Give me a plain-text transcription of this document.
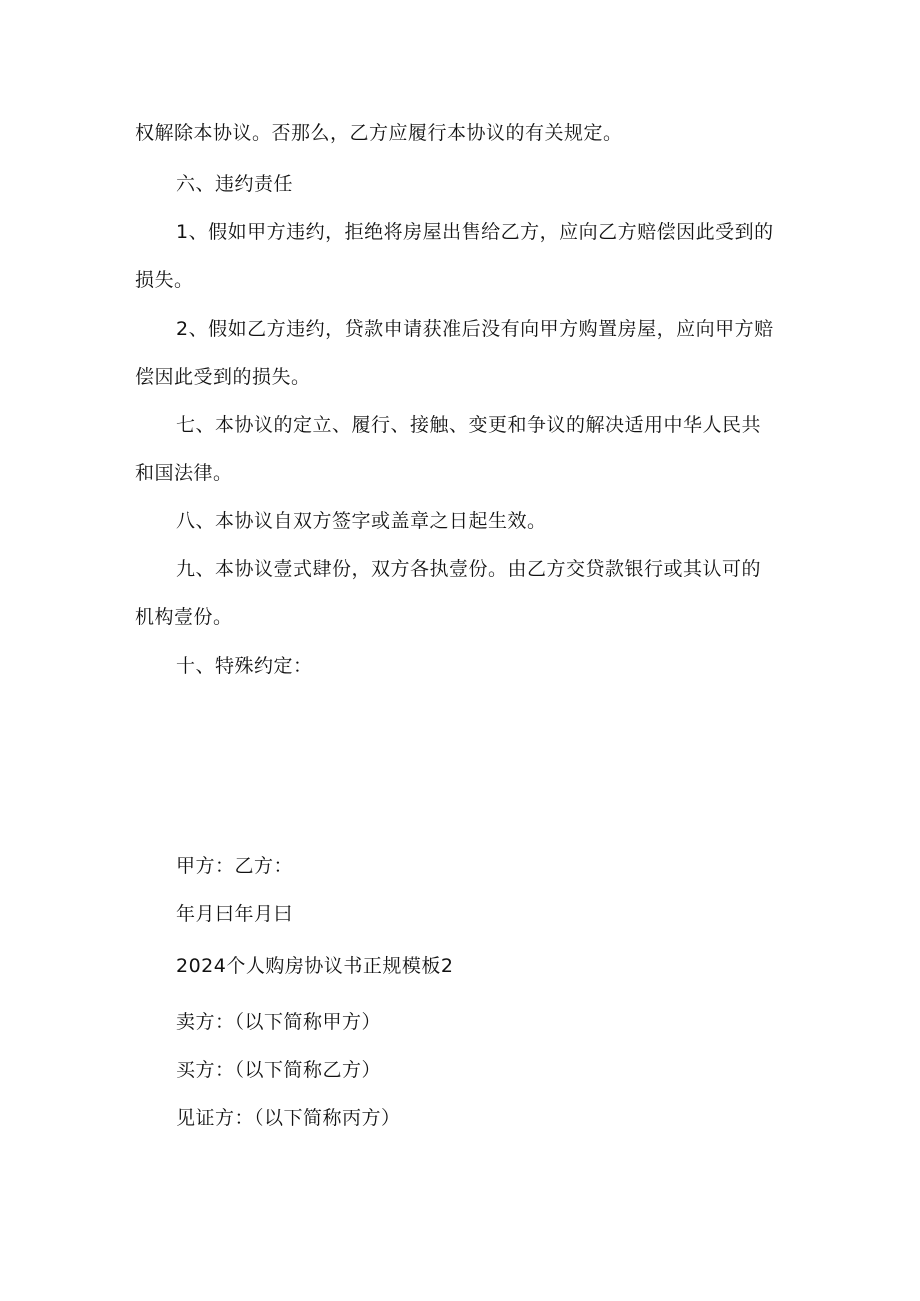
权解除本协议。否那么，乙方应履行本协议的有关规定。
六、违约责任
1、假如甲方违约，拒绝将房屋出售给乙方，应向乙方赔偿因此受到的
损失。
2、假如乙方违约，贷款申请获准后没有向甲方购置房屋，应向甲方赔
偿因此受到的损失。
七、本协议的定立、履行、接触、变更和争议的解决适用中华人民共
和国法律。
八、本协议自双方签字或盖章之日起生效。
九、本协议壹式肆份，双方各执壹份。由乙方交贷款银行或其认可的
机构壹份。
十、特殊约定：
甲方：乙方：
年月曰年月曰
2024个人购房协议书正规模板2
卖方：（以下简称甲方）
买方：（以下简称乙方）
见证方：（以下简称丙方）
